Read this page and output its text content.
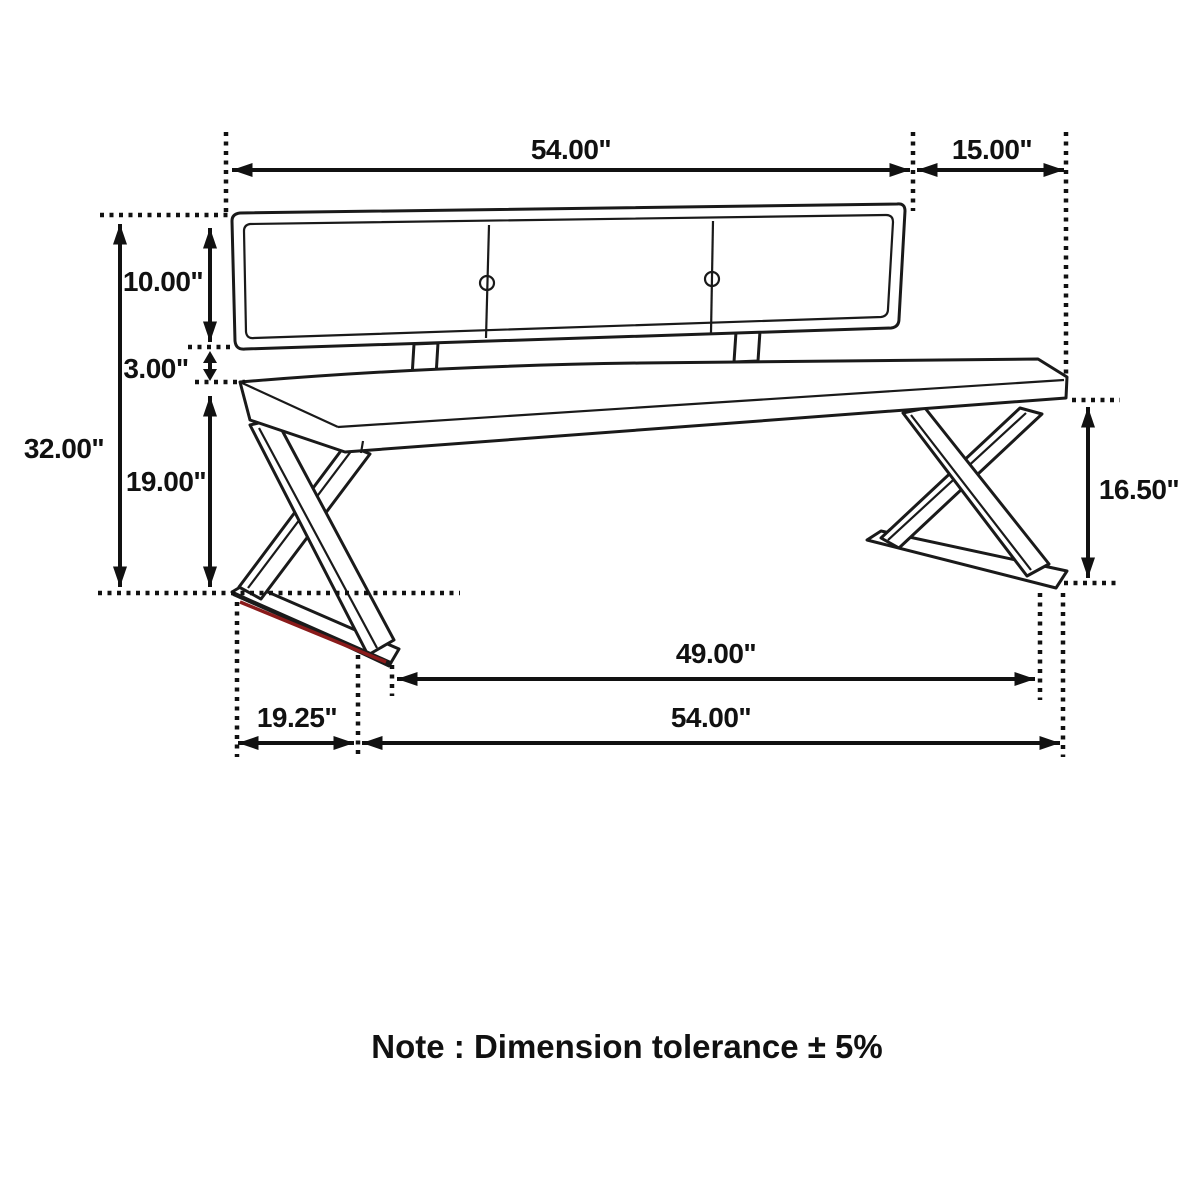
54.00"	15.00"
32.00"
10.00"
3.00"
19.00"	16.50"
49.00"
19.25"	54.00"
Note : Dimension tolerance ± 5%
